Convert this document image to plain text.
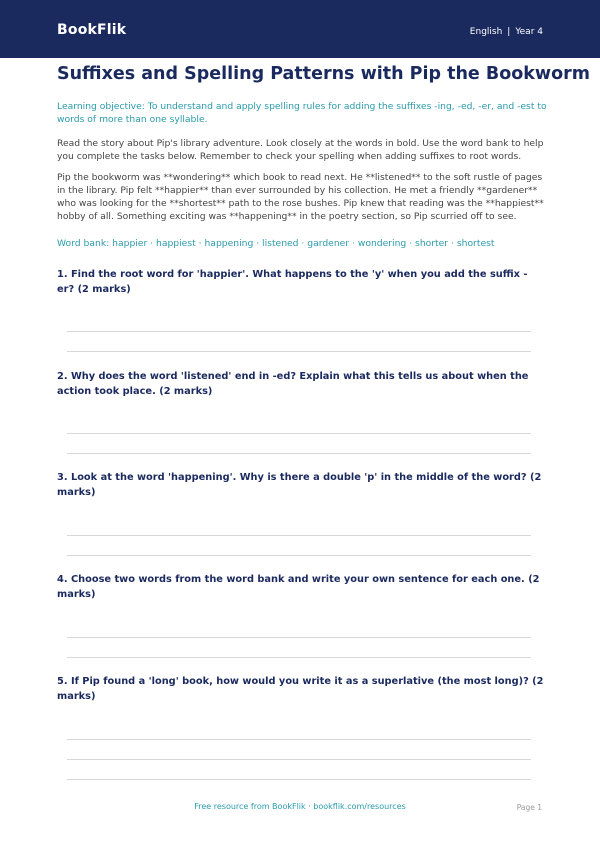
BookFlik	English | Year 4
Suffixes and Spelling Patterns with Pip the Bookworm
Learning objective: To understand and apply spelling rules for adding the suffixes -ing, -ed, -er, and -est to words of more than one syllable.
Read the story about Pip's library adventure. Look closely at the words in bold. Use the word bank to help you complete the tasks below. Remember to check your spelling when adding suffixes to root words.
Pip the bookworm was **wondering** which book to read next. He **listened** to the soft rustle of pages in the library. Pip felt **happier** than ever surrounded by his collection. He met a friendly **gardener** who was looking for the **shortest** path to the rose bushes. Pip knew that reading was the **happiest** hobby of all. Something exciting was **happening** in the poetry section, so Pip scurried off to see.
Word bank: happier · happiest · happening · listened · gardener · wondering · shorter · shortest
1. Find the root word for 'happier'. What happens to the 'y' when you add the suffix -er? (2 marks)
2. Why does the word 'listened' end in -ed? Explain what this tells us about when the action took place. (2 marks)
3. Look at the word 'happening'. Why is there a double 'p' in the middle of the word? (2 marks)
4. Choose two words from the word bank and write your own sentence for each one. (2 marks)
5. If Pip found a 'long' book, how would you write it as a superlative (the most long)? (2 marks)
Free resource from BookFlik · bookflik.com/resources	Page 1
